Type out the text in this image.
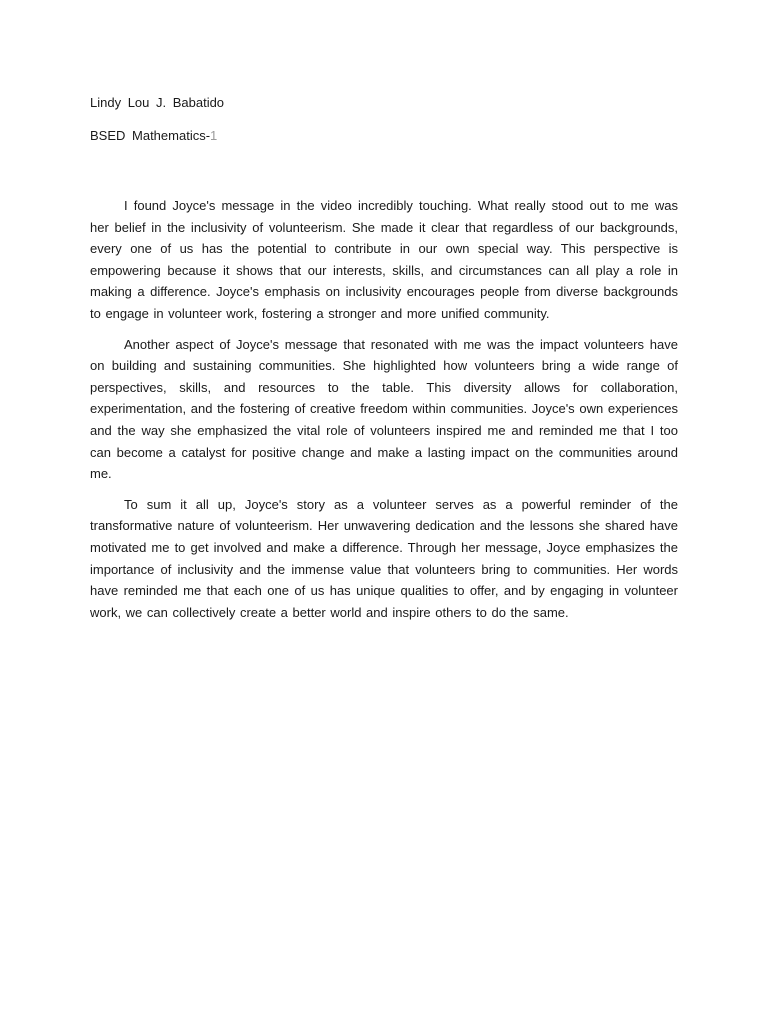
Lindy Lou J. Babatido

BSED Mathematics-1

I found Joyce's message in the video incredibly touching. What really stood out to me was her belief in the inclusivity of volunteerism. She made it clear that regardless of our backgrounds, every one of us has the potential to contribute in our own special way. This perspective is empowering because it shows that our interests, skills, and circumstances can all play a role in making a difference. Joyce's emphasis on inclusivity encourages people from diverse backgrounds to engage in volunteer work, fostering a stronger and more unified community.

Another aspect of Joyce's message that resonated with me was the impact volunteers have on building and sustaining communities. She highlighted how volunteers bring a wide range of perspectives, skills, and resources to the table. This diversity allows for collaboration, experimentation, and the fostering of creative freedom within communities. Joyce's own experiences and the way she emphasized the vital role of volunteers inspired me and reminded me that I too can become a catalyst for positive change and make a lasting impact on the communities around me.

To sum it all up, Joyce's story as a volunteer serves as a powerful reminder of the transformative nature of volunteerism. Her unwavering dedication and the lessons she shared have motivated me to get involved and make a difference. Through her message, Joyce emphasizes the importance of inclusivity and the immense value that volunteers bring to communities. Her words have reminded me that each one of us has unique qualities to offer, and by engaging in volunteer work, we can collectively create a better world and inspire others to do the same.
